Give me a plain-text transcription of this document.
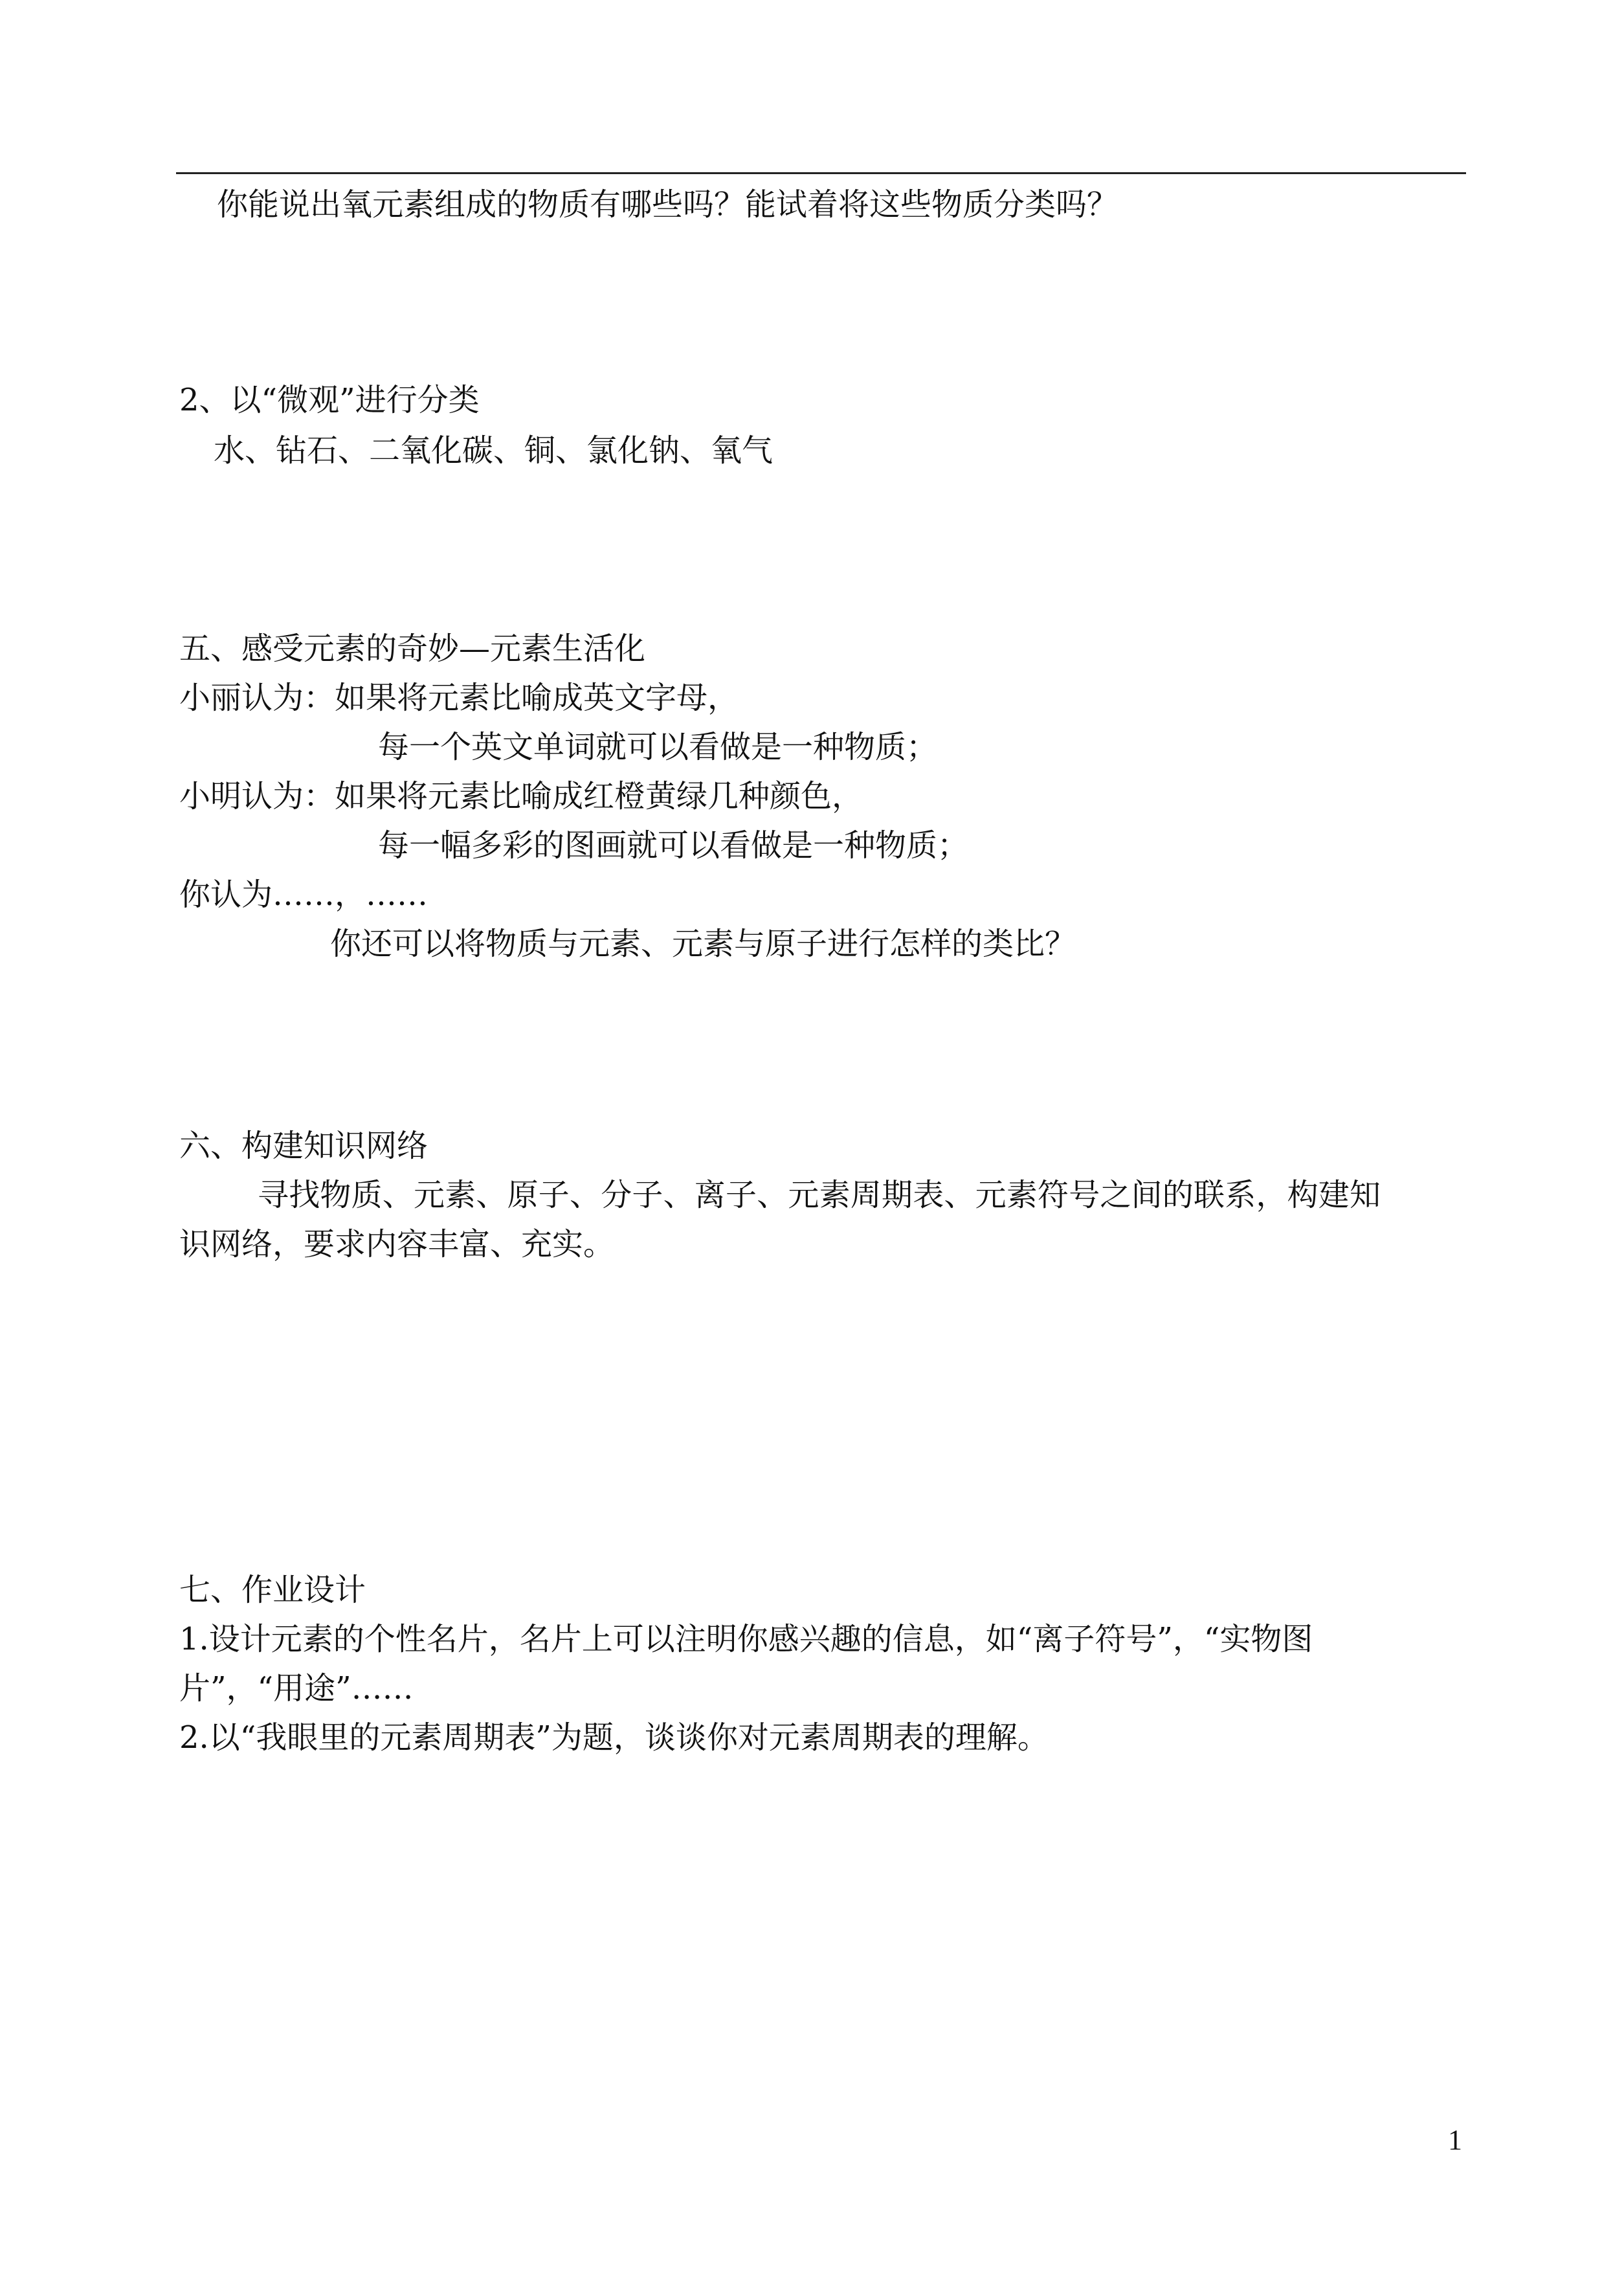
你能说出氧元素组成的物质有哪些吗？能试着将这些物质分类吗？
2、以“微观”进行分类
水、钻石、二氧化碳、铜、氯化钠、氧气
五、感受元素的奇妙—元素生活化
小丽认为：如果将元素比喻成英文字母，
每一个英文单词就可以看做是一种物质；
小明认为：如果将元素比喻成红橙黄绿几种颜色，
每一幅多彩的图画就可以看做是一种物质；
你认为……，……
你还可以将物质与元素、元素与原子进行怎样的类比？
六、构建知识网络
寻找物质、元素、原子、分子、离子、元素周期表、元素符号之间的联系，构建知
识网络，要求内容丰富、充实。
七、作业设计
1.设计元素的个性名片，名片上可以注明你感兴趣的信息，如“离子符号”，“实物图
片”，“用途”……
2.以“我眼里的元素周期表”为题，谈谈你对元素周期表的理解。
1
